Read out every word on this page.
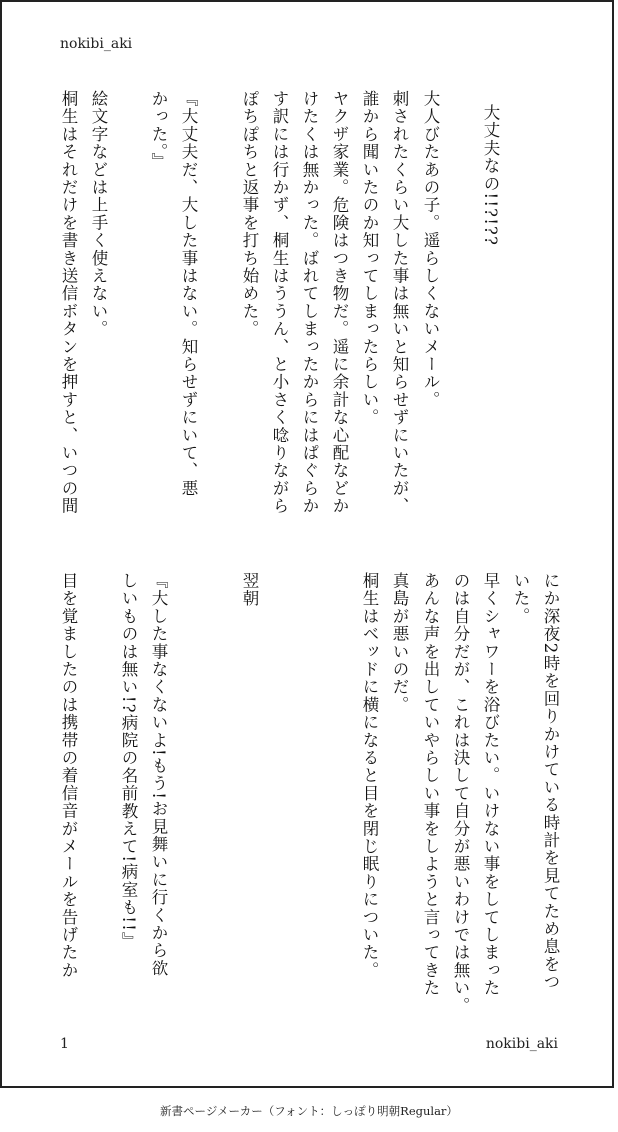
nokibi_aki
大丈夫なの!!?!??
大人びたあの子。遥らしくないメール。
刺されたくらい大した事は無いと知らせずにいたが、
誰から聞いたのか知ってしまったらしい。
ヤクザ家業。危険はつき物だ。遥に余計な心配などか
けたくは無かった。ばれてしまったからにはぱぐらか
す訳には行かず、桐生はううん、と小さく唸りながら
ぽちぽちと返事を打ち始めた。
『大丈夫だ、大した事はない。知らせずにいて、悪
かった。』
絵文字などは上手く使えない。
桐生はそれだけを書き送信ボタンを押すと、いつの間
にか深夜2時を回りかけている時計を見てため息をつ
いた。
早くシャワーを浴びたい。いけない事をしてしまった
のは自分だが、これは決して自分が悪いわけでは無い。
あんな声を出していやらしい事をしようと言ってきた
真島が悪いのだ。
桐生はベッドに横になると目を閉じ眠りについた。
翌朝
『大した事なくないよ!もう!お見舞いに行くから欲
しいものは無い!?病院の名前教えて!病室も!!』
目を覚ましたのは携帯の着信音がメールを告げたか
1	nokibi_aki
新書ページメーカー（フォント：しっぽり明朝Regular）
